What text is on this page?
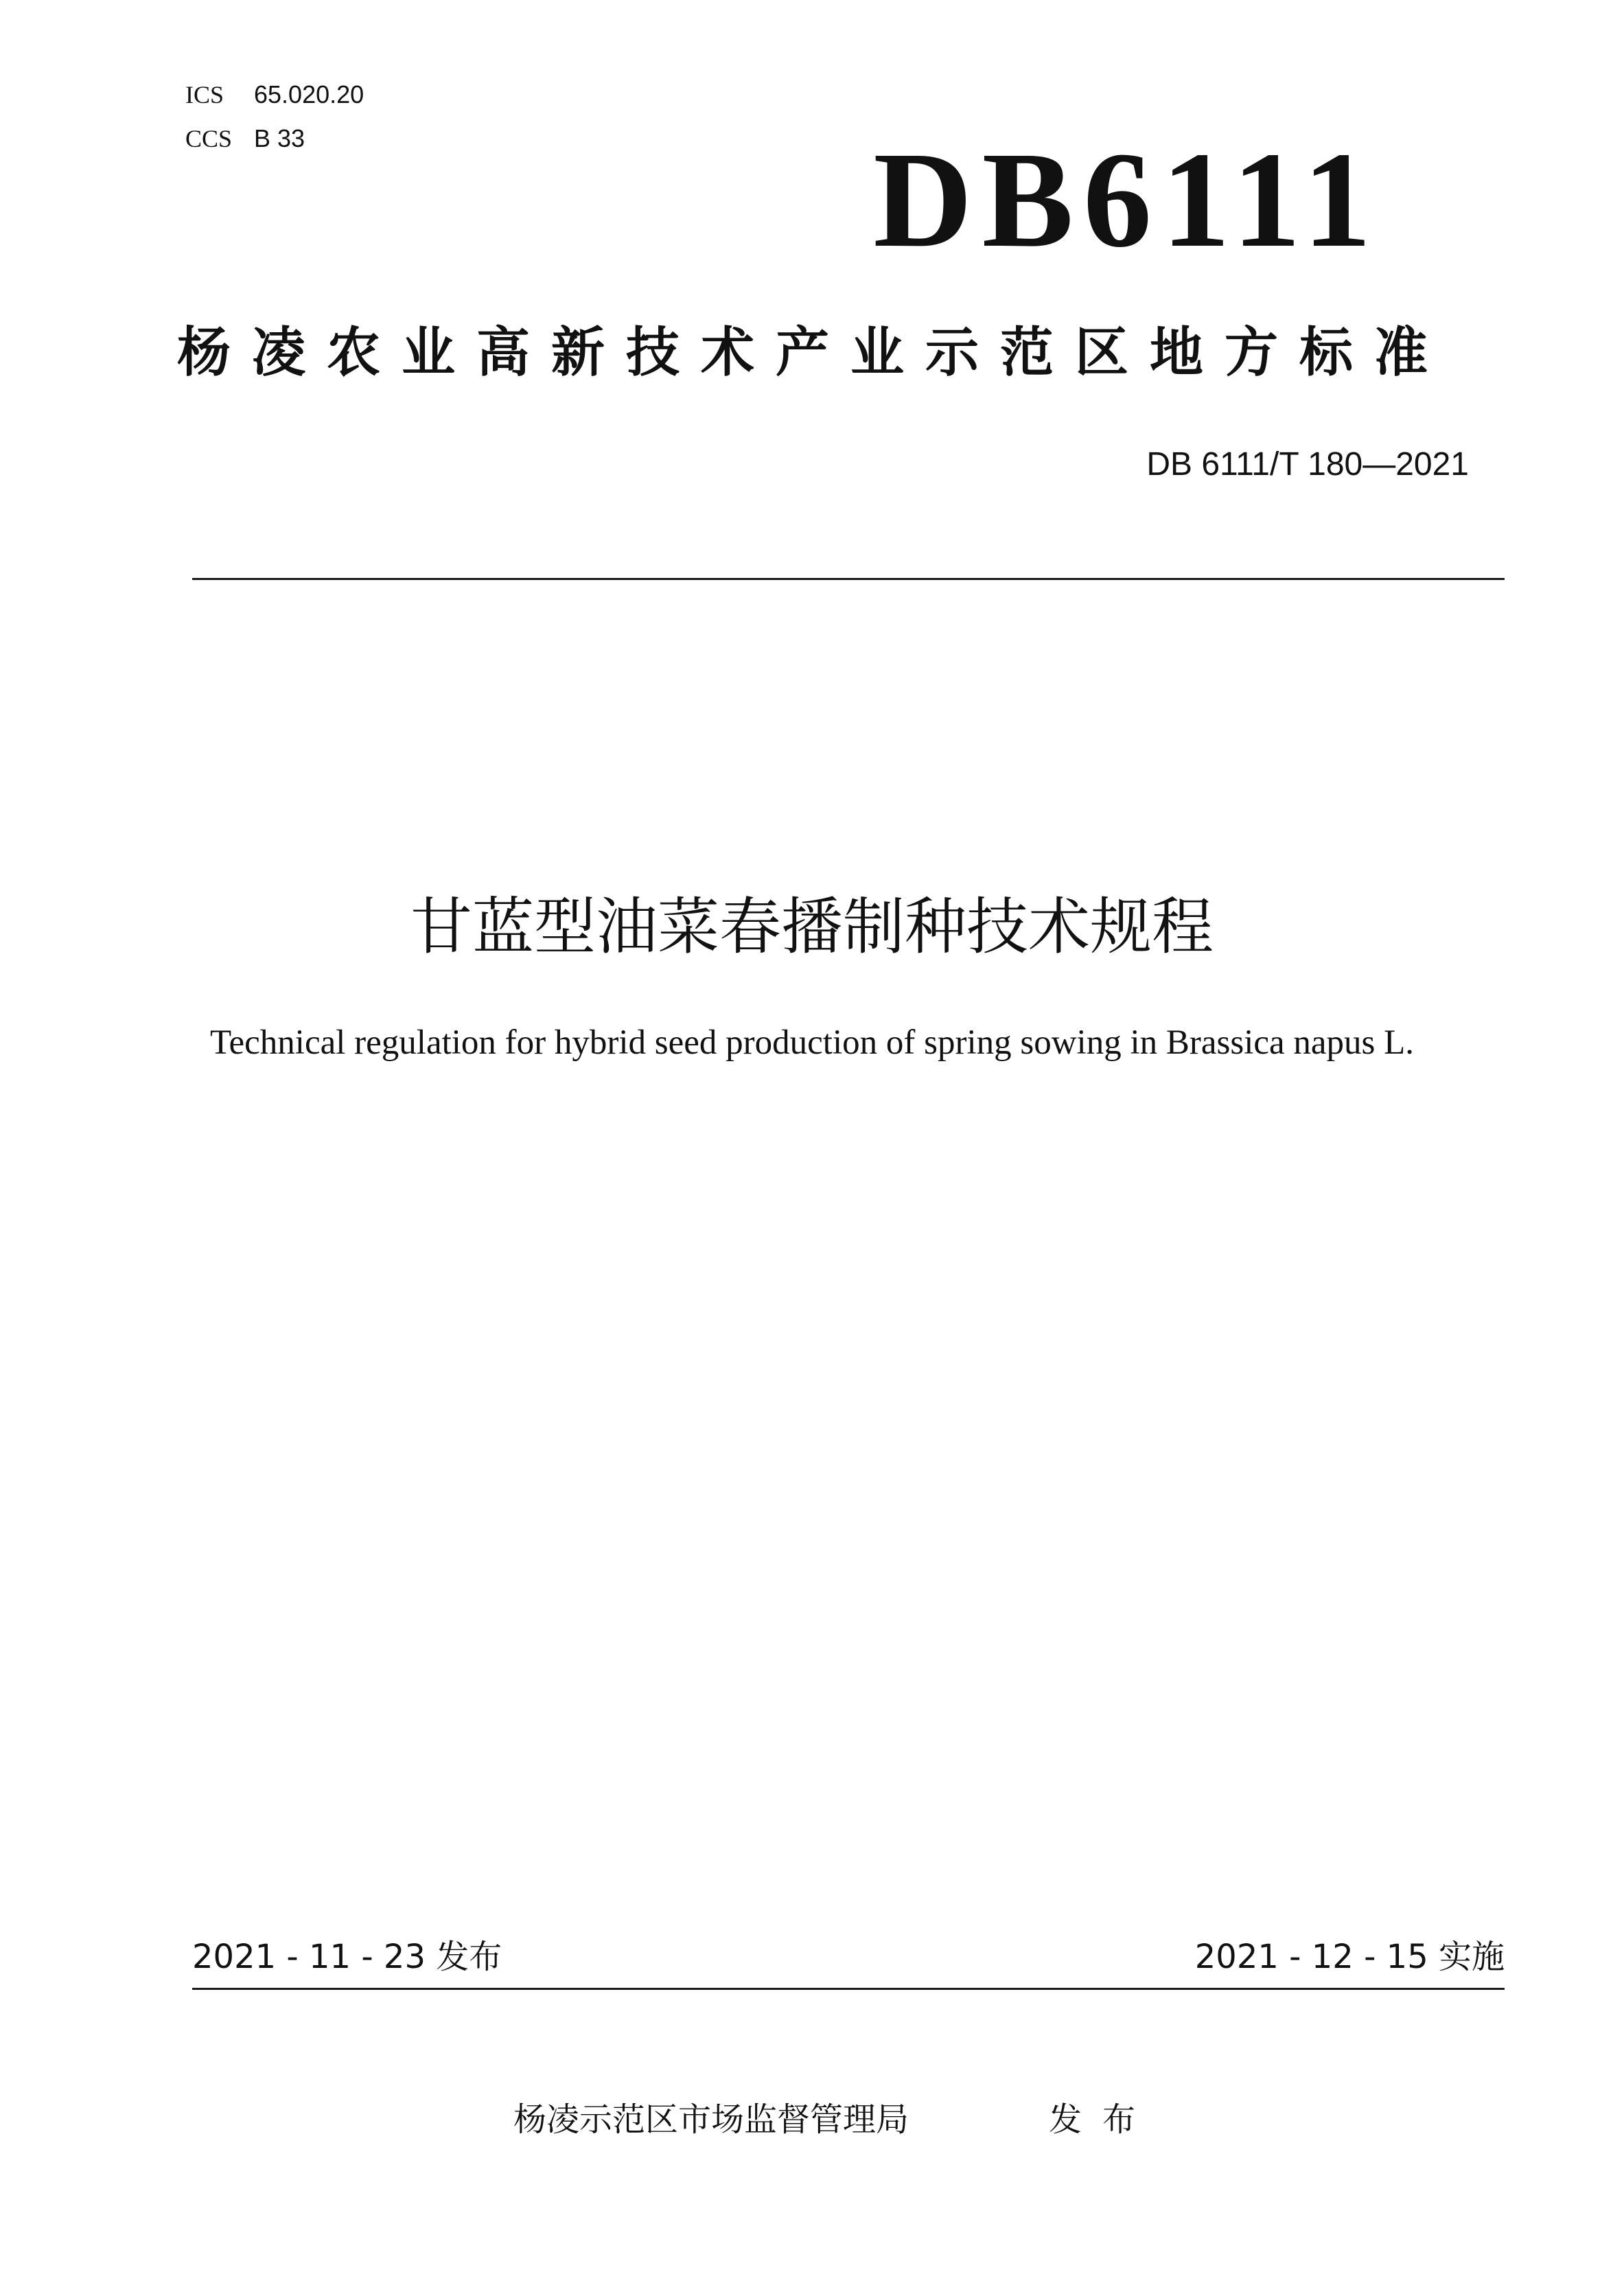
ICS 65.020.20
CCS B 33	DB6111
杨凌农业高新技术产业示范区地方标准
DB 6111/T 180—2021
甘蓝型油菜春播制种技术规程
Technical regulation for hybrid seed production of spring sowing in Brassica napus L.
2021 - 11 - 23 发布	2021 - 12 - 15 实施
杨凌示范区市场监督管理局	发布
